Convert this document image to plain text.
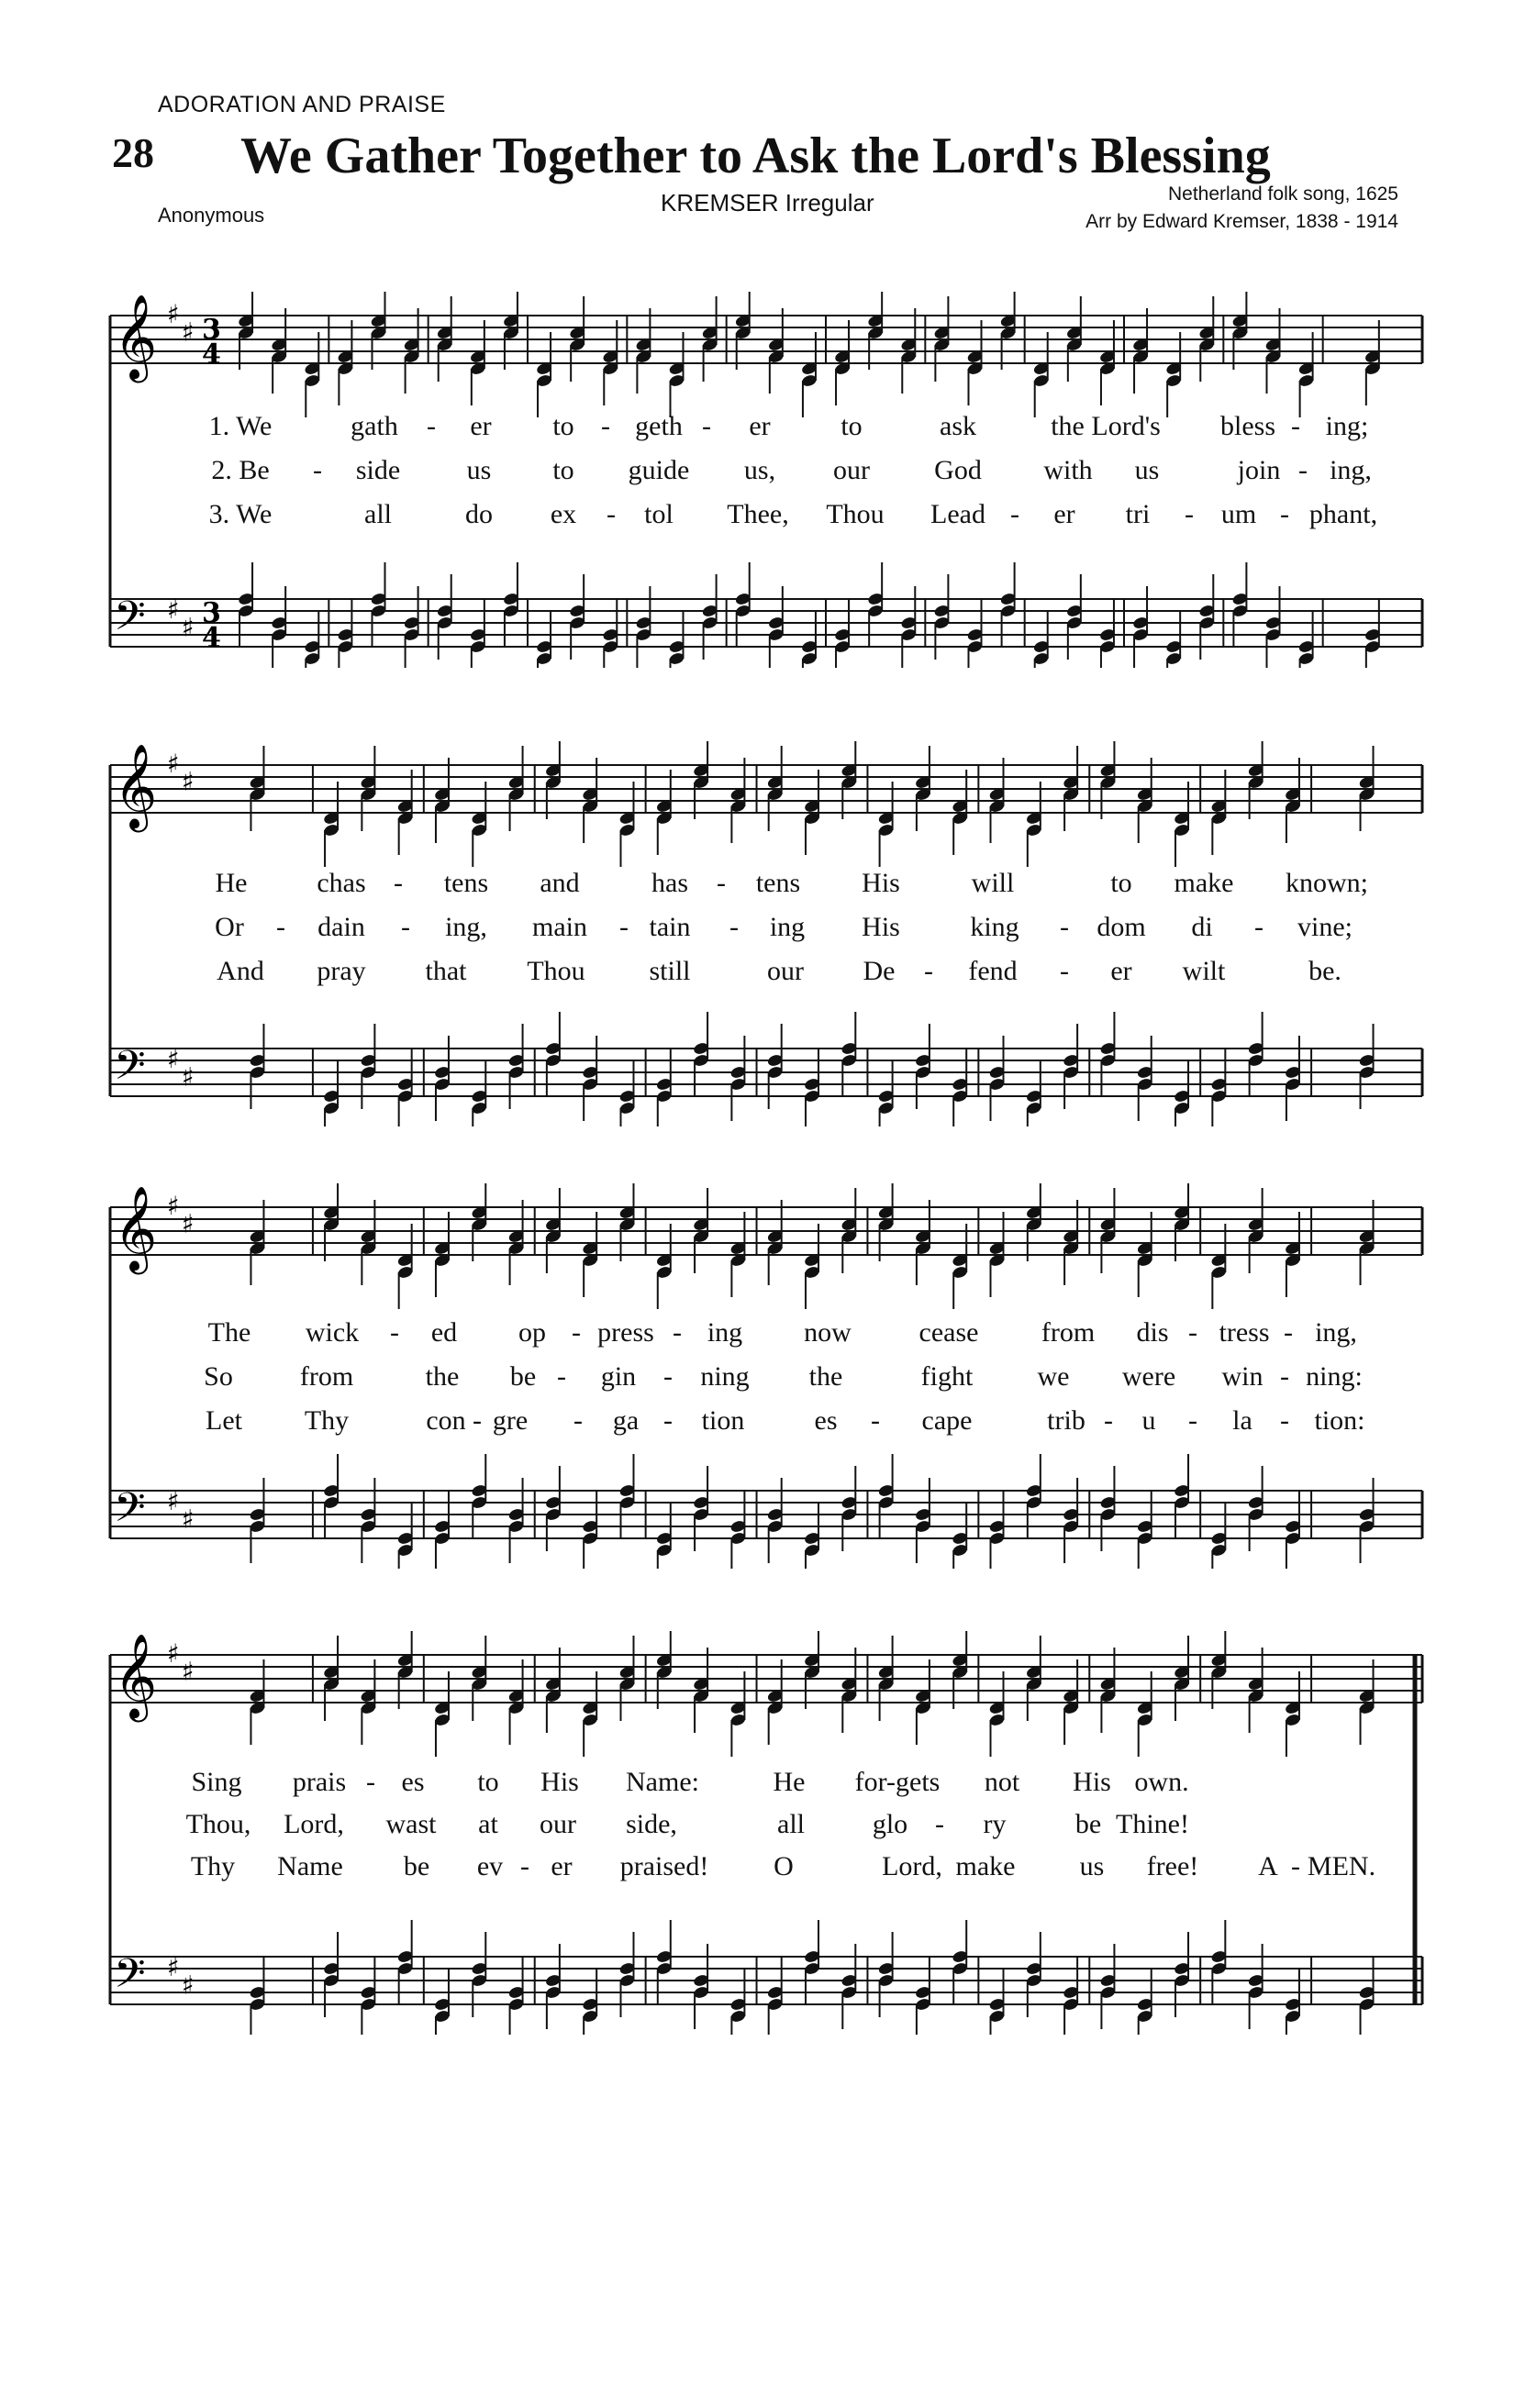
ADORATION AND PRAISE
28 We Gather Together to Ask the Lord's Blessing
Anonymous	KREMSER Irregular	Netherland folk song, 1625
Arr by Edward Kremser, 1838 - 1914
𝄞 ♯
♯ 3
4
𝄢 ♯
♯ 3
4
1. We	gath - er to - geth - er	to	ask	the Lord's bless - ing;
2. Be - side us to guide us, our God with us	join - ing,
3. We	all	do ex - tol Thee, Thou Lead - er tri - um - phant,
𝄞 ♯
♯
𝄢 ♯
♯
He	chas - tens and	has - tens His	will	to make known;
Or - dain - ing, main - tain - ing His	king - dom di - vine;
And pray that Thou still	our De - fend - er wilt	be.
𝄞 ♯
♯
𝄢 ♯
♯
The wick - ed op - press - ing now cease from dis - tress - ing,
So from	the be - gin - ning the	fight we were win - ning:
Let Thy	con - gre - ga - tion	es - cape	trib - u - la - tion:
𝄞 ♯
♯
𝄢 ♯
♯
Sing prais - es to His Name:	He for-gets not His own.
Thou, Lord, wast at our side,	all glo - ry	be Thine!
Thy Name be ev - er praised! O	Lord, make us free! A - MEN.
